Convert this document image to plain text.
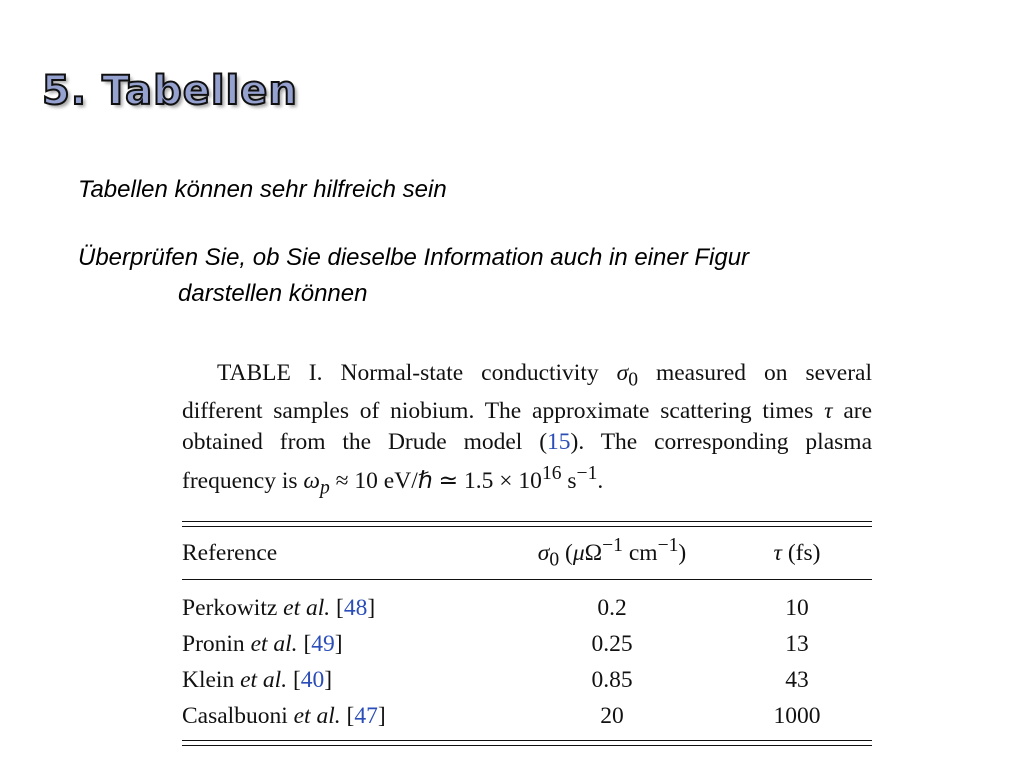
5. Tabellen
Tabellen können sehr hilfreich sein
Überprüfen Sie, ob Sie dieselbe Information auch in einer Figur
darstellen können
TABLE I. Normal-state conductivity $\sigma_0$ measured on several different samples of niobium. The approximate scattering times τ are obtained from the Drude model (15). The corresponding plasma frequency is $\omega_p \approx 10$ eV/ℏ ≃ $1.5 \times 10^{16}$ $s^{-1}$.
Reference	$\sigma_0$ ($\mu\Omega^{-1}$ $cm^{-1}$)	τ (fs)
Perkowitz et al. [48]	0.2	10
Pronin et al. [49]	0.25	13
Klein et al. [40]	0.85	43
Casalbuoni et al. [47]	20	1000
